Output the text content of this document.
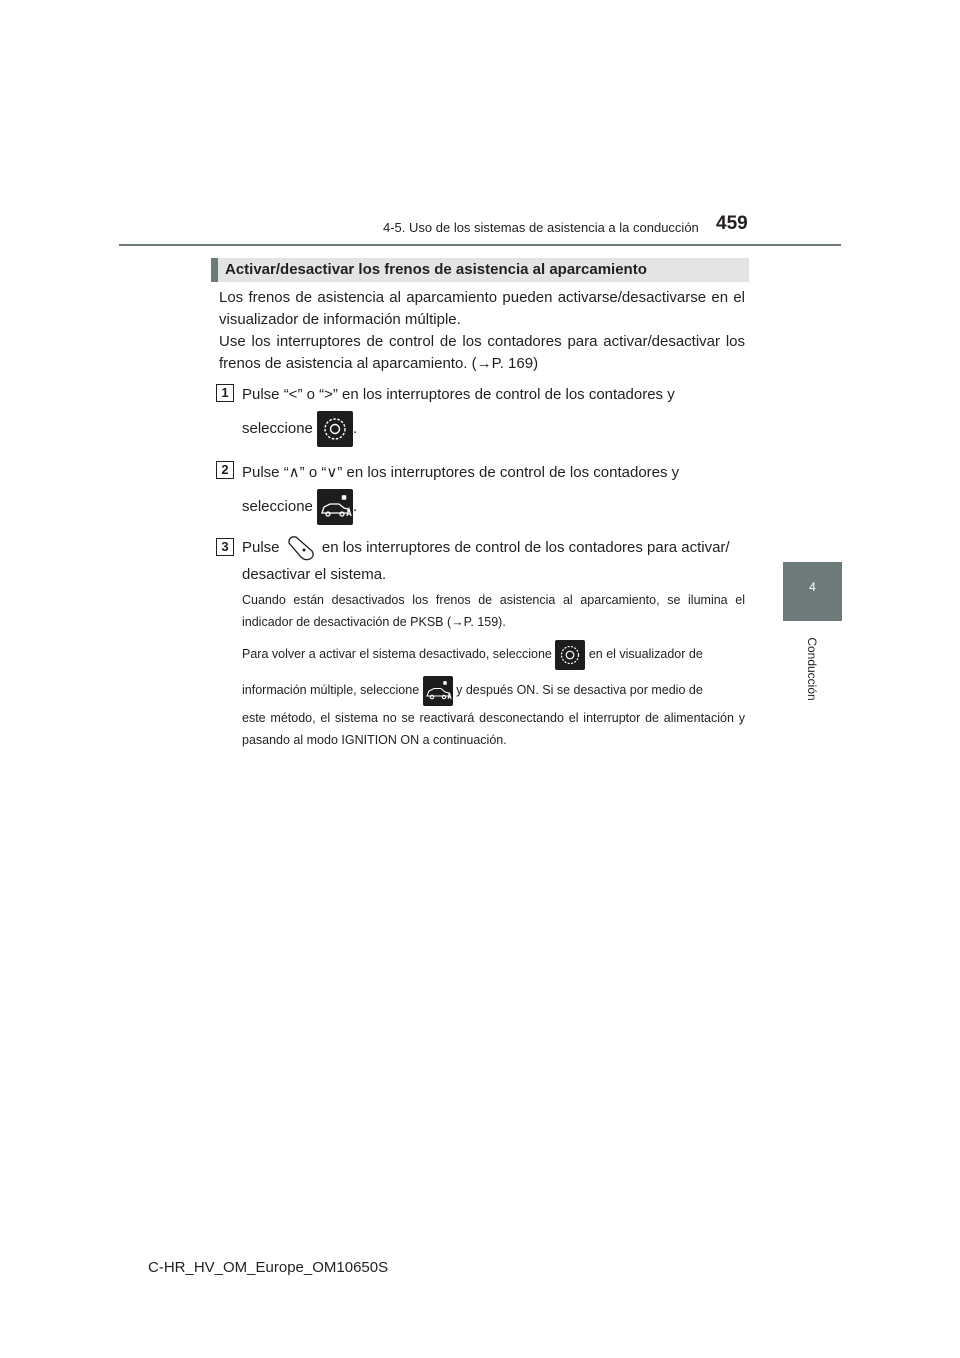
4-5. Uso de los sistemas de asistencia a la conducción 459
4
Conducción
Activar/desactivar los frenos de asistencia al aparcamiento

Los frenos de asistencia al aparcamiento pueden activarse/desactivarse en el visualizador de información múltiple.

Use los interruptores de control de los contadores para activar/desactivar los frenos de asistencia al aparcamiento. (→P. 169)

1 Pulse “<” o “>” en los interruptores de control de los contadores y
seleccione
.
2 Pulse “∧” o “∨” en los interruptores de control de los contadores y
seleccione
.
3 Pulse  en los interruptores de control de los contadores para activar/
desactivar el sistema.

Cuando están desactivados los frenos de asistencia al aparcamiento, se ilumina el indicador de desactivación de PKSB (→P. 159).

Para volver a activar el sistema desactivado, seleccione
en el visualizador de
información múltiple, seleccione
y después ON. Si se desactiva por medio de

este método, el sistema no se reactivará desconectando el interruptor de alimentación y pasando al modo IGNITION ON a continuación.

C-HR_HV_OM_Europe_OM10650S
